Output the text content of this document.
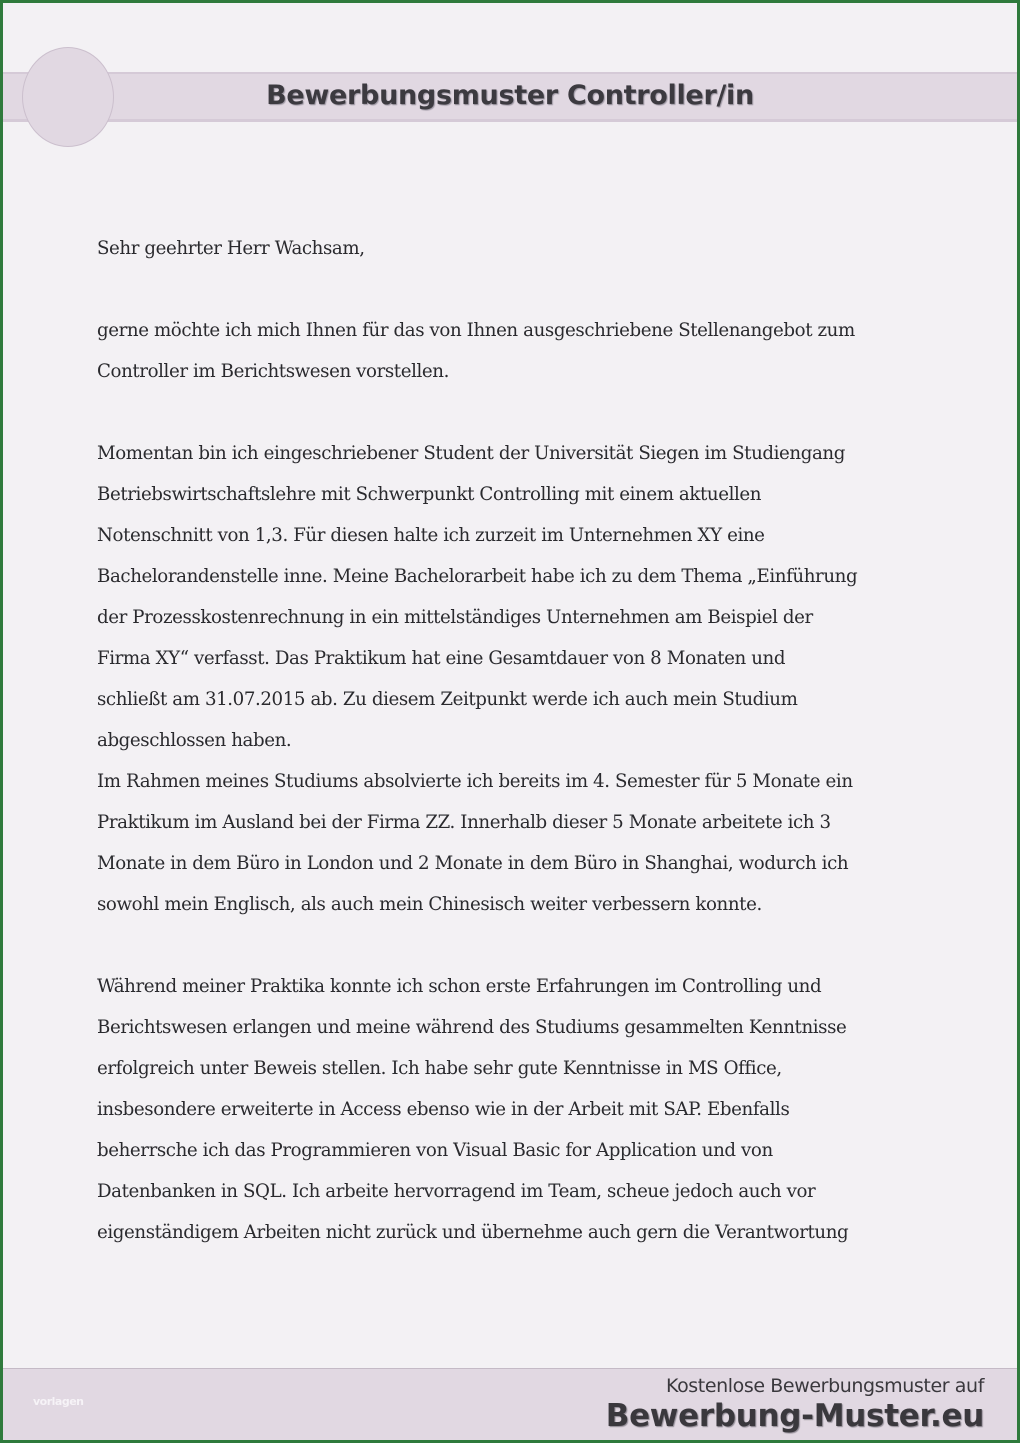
Bewerbungsmuster Controller/in

Sehr geehrter Herr Wachsam,

gerne möchte ich mich Ihnen für das von Ihnen ausgeschriebene Stellenangebot zum
Controller im Berichtswesen vorstellen.

Momentan bin ich eingeschriebener Student der Universität Siegen im Studiengang
Betriebswirtschaftslehre mit Schwerpunkt Controlling mit einem aktuellen
Notenschnitt von 1,3. Für diesen halte ich zurzeit im Unternehmen XY eine
Bachelorandenstelle inne. Meine Bachelorarbeit habe ich zu dem Thema „Einführung
der Prozesskostenrechnung in ein mittelständiges Unternehmen am Beispiel der
Firma XY“ verfasst. Das Praktikum hat eine Gesamtdauer von 8 Monaten und
schließt am 31.07.2015 ab. Zu diesem Zeitpunkt werde ich auch mein Studium
abgeschlossen haben.

Im Rahmen meines Studiums absolvierte ich bereits im 4. Semester für 5 Monate ein
Praktikum im Ausland bei der Firma ZZ. Innerhalb dieser 5 Monate arbeitete ich 3
Monate in dem Büro in London und 2 Monate in dem Büro in Shanghai, wodurch ich
sowohl mein Englisch, als auch mein Chinesisch weiter verbessern konnte.

Während meiner Praktika konnte ich schon erste Erfahrungen im Controlling und
Berichtswesen erlangen und meine während des Studiums gesammelten Kenntnisse
erfolgreich unter Beweis stellen. Ich habe sehr gute Kenntnisse in MS Office,
insbesondere erweiterte in Access ebenso wie in der Arbeit mit SAP. Ebenfalls
beherrsche ich das Programmieren von Visual Basic for Application und von
Datenbanken in SQL. Ich arbeite hervorragend im Team, scheue jedoch auch vor
eigenständigem Arbeiten nicht zurück und übernehme auch gern die Verantwortung

vorlagen
Kostenlose Bewerbungsmuster auf
Bewerbung-Muster.eu
